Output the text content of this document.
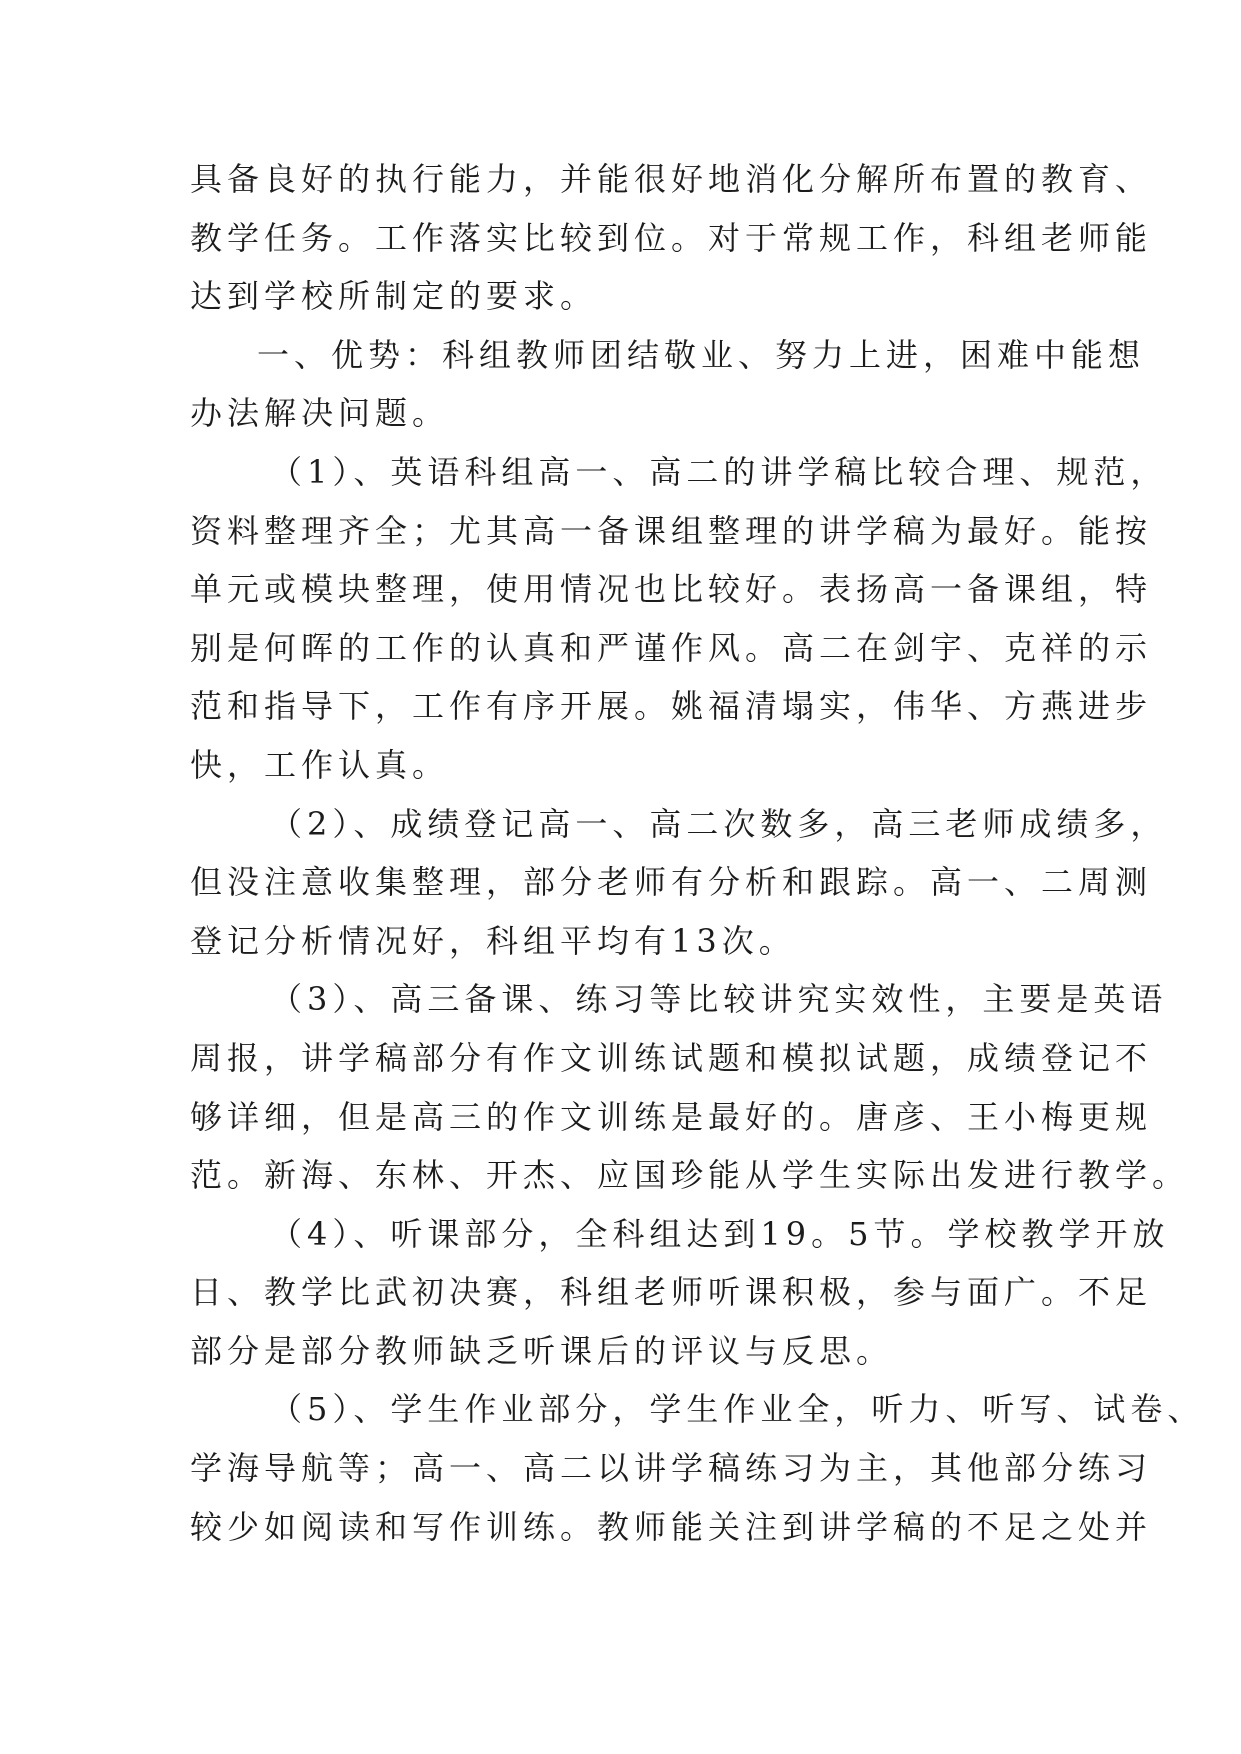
具备良好的执行能力，并能很好地消化分解所布置的教育、
教学任务。工作落实比较到位。对于常规工作，科组老师能
达到学校所制定的要求。
一、优势：科组教师团结敬业、努力上进，困难中能想
办法解决问题。
（1）、英语科组高一、高二的讲学稿比较合理、规范，
资料整理齐全；尤其高一备课组整理的讲学稿为最好。能按
单元或模块整理，使用情况也比较好。表扬高一备课组，特
别是何晖的工作的认真和严谨作风。高二在剑宇、克祥的示
范和指导下，工作有序开展。姚福清塌实，伟华、方燕进步
快，工作认真。
（2）、成绩登记高一、高二次数多，高三老师成绩多，
但没注意收集整理，部分老师有分析和跟踪。高一、二周测
登记分析情况好，科组平均有13次。
（3）、高三备课、练习等比较讲究实效性，主要是英语
周报，讲学稿部分有作文训练试题和模拟试题，成绩登记不
够详细，但是高三的作文训练是最好的。唐彦、王小梅更规
范。新海、东林、开杰、应国珍能从学生实际出发进行教学。
（4）、听课部分，全科组达到19。5节。学校教学开放
日、教学比武初决赛，科组老师听课积极，参与面广。不足
部分是部分教师缺乏听课后的评议与反思。
（5）、学生作业部分，学生作业全，听力、听写、试卷、
学海导航等；高一、高二以讲学稿练习为主，其他部分练习
较少如阅读和写作训练。教师能关注到讲学稿的不足之处并
